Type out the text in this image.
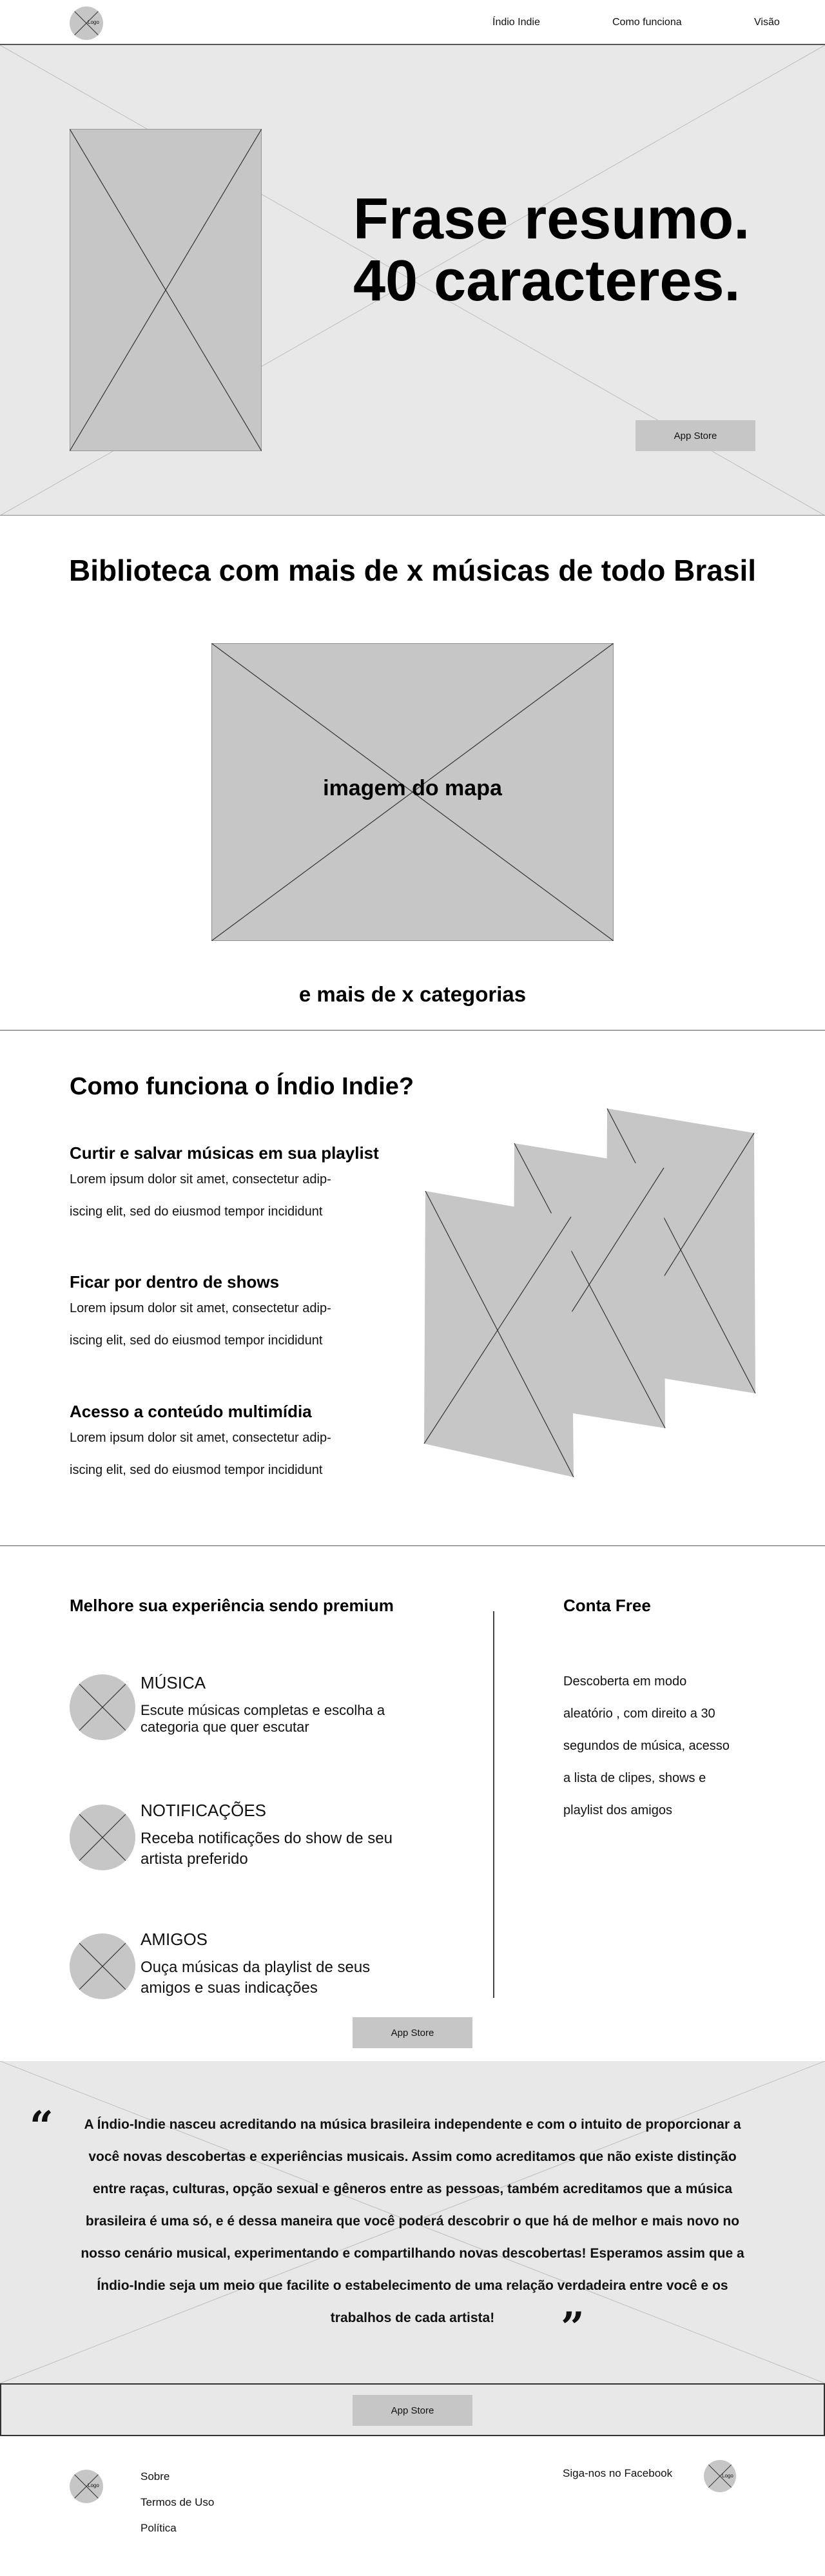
Logo	Índio Indie	Como funciona	Visão
Frase resumo.
40 caracteres.
App Store
Biblioteca com mais de x músicas de todo Brasil
imagem do mapa
e mais de x categorias
Como funciona o Índio Indie?
Curtir e salvar músicas em sua playlist
Lorem ipsum dolor sit amet, consectetur adip-
iscing elit, sed do eiusmod tempor incididunt
Ficar por dentro de shows
Lorem ipsum dolor sit amet, consectetur adip-
iscing elit, sed do eiusmod tempor incididunt
Acesso a conteúdo multimídia
Lorem ipsum dolor sit amet, consectetur adip-
iscing elit, sed do eiusmod tempor incididunt
Melhore sua experiência sendo premium
MÚSICA
Escute músicas completas e escolha a categoria que quer escutar
NOTIFICAÇÕES
Receba notificações do show de seu artista preferido
AMIGOS
Ouça músicas da playlist de seus amigos e suas indicações
Conta Free
Descoberta em modo
aleatório , com direito a 30
segundos de música, acesso
a lista de clipes, shows e
playlist dos amigos
App Store
“	A Índio-Indie nasceu acreditando na música brasileira independente e com o intuito de proporcionar a você novas descobertas e experiências musicais. Assim como acreditamos que não existe distinção entre raças, culturas, opção sexual e gêneros entre as pessoas, também acreditamos que a música brasileira é uma só, e é dessa maneira que você poderá descobrir o que há de melhor e mais novo no nosso cenário musical, experimentando e compartilhando novas descobertas! Esperamos assim que a Índio-Indie seja um meio que facilite o estabelecimento de uma relação verdadeira entre você e os trabalhos de cada artista!	”
App Store
Logo
Sobre
Termos de Uso
Política
Siga-nos no Facebook	Logo
